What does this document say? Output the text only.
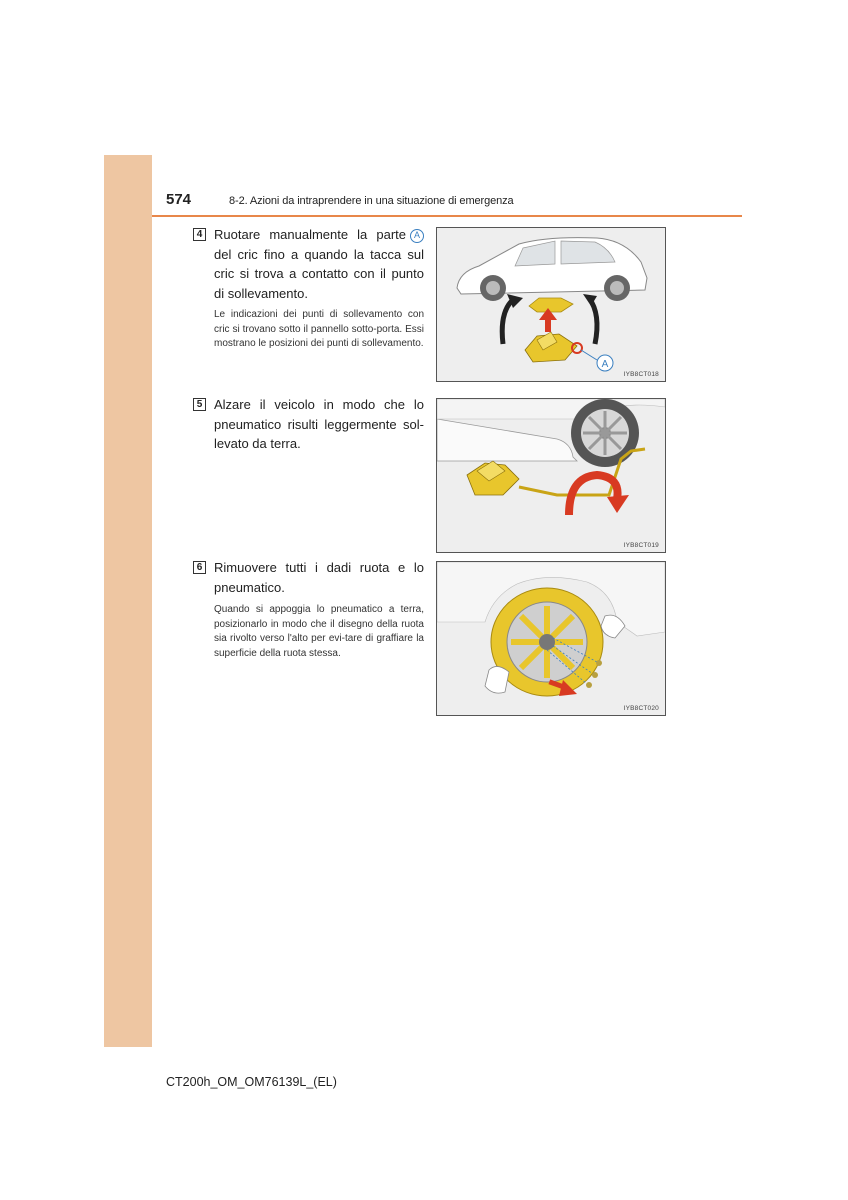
574	8-2. Azioni da intraprendere in una situazione di emergenza
4 Ruotare manualmente la parte A del cric fino a quando la tacca sul cric si trova a contatto con il punto di sollevamento.
Le indicazioni dei punti di sollevamento con cric si trovano sotto il pannello sotto-porta. Essi mostrano le posizioni dei punti di sollevamento.
A
IYB8CT018
5 Alzare il veicolo in modo che lo pneumatico risulti leggermente sol-levato da terra.
IYB8CT019
6 Rimuovere tutti i dadi ruota e lo pneumatico.
Quando si appoggia lo pneumatico a terra, posizionarlo in modo che il disegno della ruota sia rivolto verso l'alto per evi-tare di graffiare la superficie della ruota stessa.
IYB8CT020
CT200h_OM_OM76139L_(EL)
